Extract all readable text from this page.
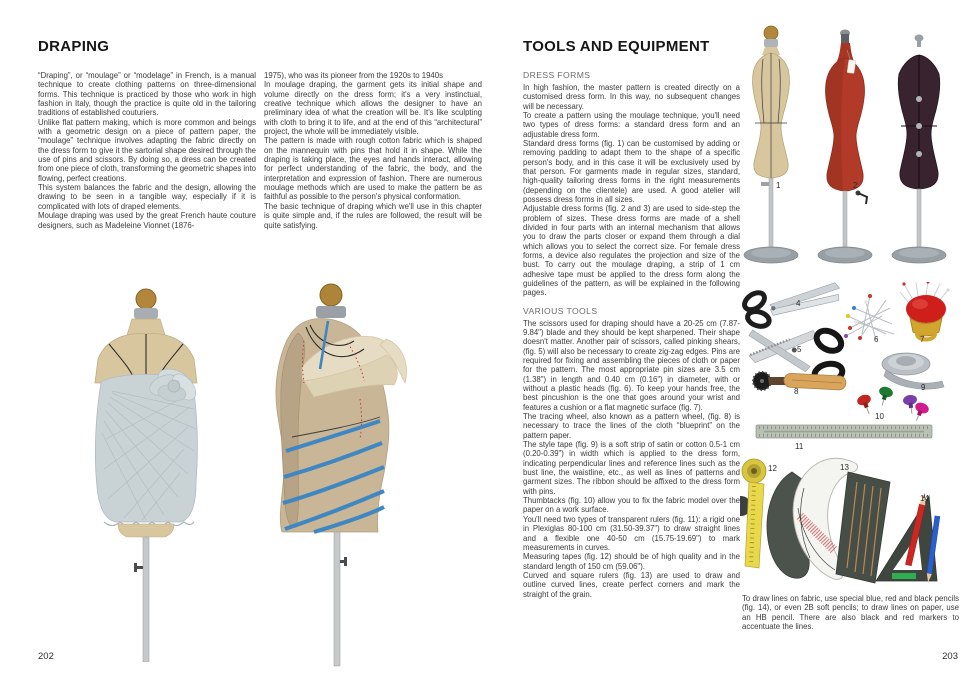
DRAPING

“Draping”, or “moulage” or “modelage” in French, is a manual technique to create clothing patterns on three-dimensional forms. This technique is practiced by those who work in high fashion in Italy, though the practice is quite old in the tailoring traditions of established couturiers.

Unlike flat pattern making, which is more common and beings with a geometric design on a piece of pattern paper, the “moulage” technique involves adapting the fabric directly on the dress form to give it the sartorial shape desired through the use of pins and scissors. By doing so, a dress can be created from one piece of cloth, transforming the geometric shapes into flowing, perfect creations.

This system balances the fabric and the design, allowing the drawing to be seen in a tangible way, especially if it is complicated with lots of draped elements.

Moulage draping was used by the great French haute couture designers, such as Madeleine Vionnet (1876-

1975), who was its pioneer from the 1920s to 1940s

In moulage draping, the garment gets its initial shape and volume directly on the dress form; it's a very instinctual, creative technique which allows the designer to have an preliminary idea of what the creation will be. It's like sculpting with cloth to bring it to life, and at the end of this “architectural” project, the whole will be immediately visible.

The pattern is made with rough cotton fabric which is shaped on the mannequin with pins that hold it in shape. While the draping is taking place, the eyes and hands interact, allowing for perfect understanding of the fabric, the body, and the interpretation and expression of fashion. There are numerous moulage methods which are used to make the pattern be as faithful as possible to the person's physical conformation.

The basic technique of draping which we'll use in this chapter is quite simple and, if the rules are followed, the result will be quite satisfying.

202
TOOLS AND EQUIPMENT
DRESS FORMS

In high fashion, the master pattern is created directly on a customised dress form. In this way, no subsequent changes will be necessary.

To create a pattern using the moulage technique, you'll need two types of dress forms: a standard dress form and an adjustable dress form.

Standard dress forms (fig. 1) can be customised by adding or removing padding to adapt them to the shape of a specific person's body, and in this case it will be exclusively used by that person. For garments made in regular sizes, standard, high-quality tailoring dress forms in the right measurements (depending on the clientele) are used. A good atelier will possess dress forms in all sizes.

Adjustable dress forms (fig. 2 and 3) are used to side-step the problem of sizes. These dress forms are made of a shell divided in four parts with an internal mechanism that allows you to draw the parts closer or expand them through a dial which allows you to select the correct size. For female dress forms, a device also regulates the projection and size of the bust. To carry out the moulage draping, a strip of 1 cm adhesive tape must be applied to the dress form along the guidelines of the pattern, as will be explained in the following pages.

VARIOUS TOOLS

The scissors used for draping should have a 20-25 cm (7.87-9.84") blade and they should be kept sharpened. Their shape doesn't matter. Another pair of scissors, called pinking shears, (fig. 5) will also be necessary to create zig-zag edges. Pins are required for fixing and assembling the pieces of cloth or paper for the pattern. The most appropriate pin sizes are 3.5 cm (1.38") in length and 0.40 cm (0.16") in diameter, with or without a plastic heads (fig. 6). To keep your hands free, the best pincushion is the one that goes around your wrist and features a cushion or a flat magnetic surface (fig. 7).

The tracing wheel, also known as a pattern wheel, (fig. 8) is necessary to trace the lines of the cloth “blueprint” on the pattern paper.

The style tape (fig. 9) is a soft strip of satin or cotton 0.5-1 cm (0.20-0.39") in width which is applied to the dress form, indicating perpendicular lines and reference lines such as the bust line, the waistline, etc., as well as lines of patterns and garment sizes. The ribbon should be affixed to the dress form with pins.

Thumbtacks (fig. 10) allow you to fix the fabric model over the paper on a work surface.

You'll need two types of transparent rulers (fig. 11): a rigid one in Plexiglas 80-100 cm (31.50-39.37") to draw straight lines and a flexible one 40-50 cm (15.75-19.69") to mark measurements in curves.

Measuring tapes (fig. 12) should be of high quality and in the standard length of 150 cm (59.06").

Curved and square rulers (fig. 13) are used to draw and outline curved lines, create perfect corners and mark the straight of the grain.

1	2	3
4
5
6	7
8	9
10
11
12	13
14
To draw lines on fabric, use special blue, red and black pencils (fig. 14), or even 2B soft pencils; to draw lines on paper, use an HB pencil. There are also black and red markers to accentuate the lines.
203
